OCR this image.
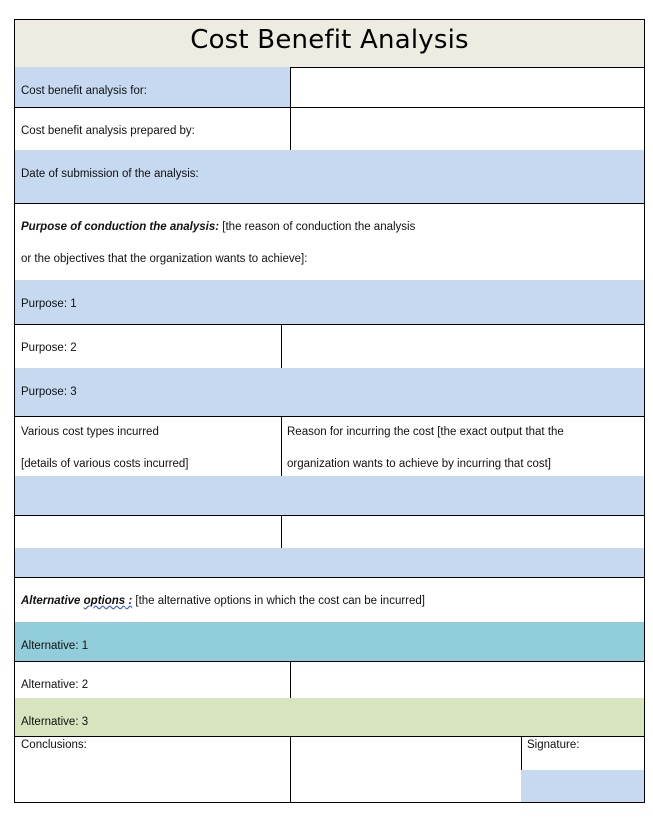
Cost Benefit Analysis
Cost benefit analysis for:
Cost benefit analysis prepared by:
Date of submission of the analysis:
Purpose of conduction the analysis: [the reason of conduction the analysis
or the objectives that the organization wants to achieve]:
Purpose: 1
Purpose: 2
Purpose: 3
Various cost types incurred
[details of various costs incurred]
Reason for incurring the cost [the exact output that the
organization wants to achieve by incurring that cost]
Alternative options : [the alternative options in which the cost can be incurred]
Alternative: 1
Alternative: 2
Alternative: 3
Conclusions:	Signature:
